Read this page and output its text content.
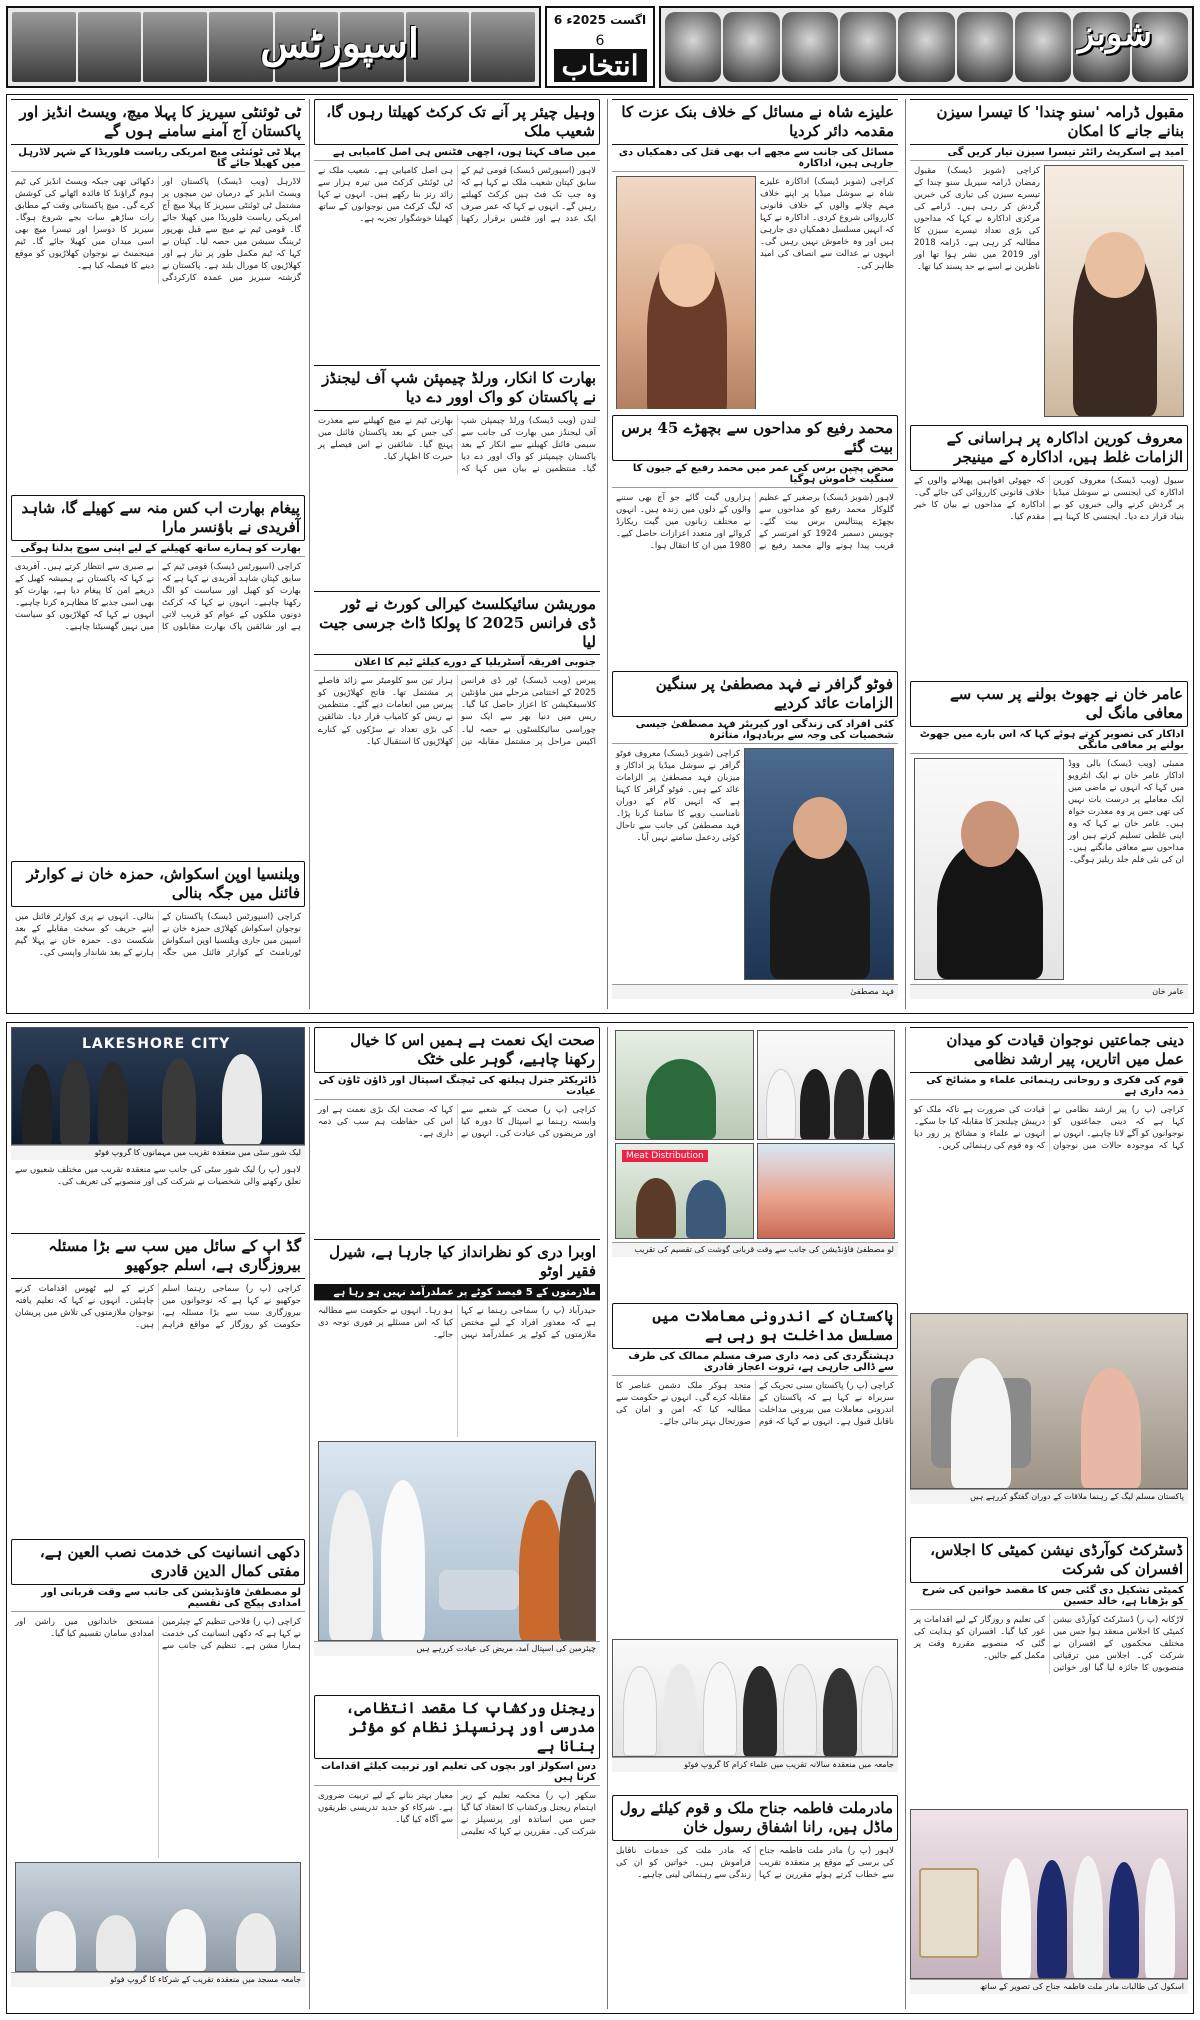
اسپورٹس
6 اگست 2025ء
6
انتخاب
شوبز
ٹی ٹوئنٹی سیریز کا پہلا میچ، ویسٹ انڈیز اور پاکستان آج آمنے سامنے ہوں گے
پہلا ٹی ٹوئنٹی میچ امریکی ریاست فلوریڈا کے شہر لاڈرہل میں کھیلا جائے گا

لاڈرہل (ویب ڈیسک) پاکستان اور ویسٹ انڈیز کے درمیان تین میچوں پر مشتمل ٹی ٹوئنٹی سیریز کا پہلا میچ آج امریکی ریاست فلوریڈا میں کھیلا جائے گا۔ قومی ٹیم نے میچ سے قبل بھرپور ٹریننگ سیشن میں حصہ لیا۔ کپتان نے کہا کہ ٹیم مکمل طور پر تیار ہے اور کھلاڑیوں کا مورال بلند ہے۔ پاکستان نے گزشتہ سیریز میں عمدہ کارکردگی دکھائی تھی جبکہ ویسٹ انڈیز کی ٹیم ہوم گراؤنڈ کا فائدہ اٹھانے کی کوشش کرے گی۔ میچ پاکستانی وقت کے مطابق رات ساڑھے سات بجے شروع ہوگا۔ سیریز کا دوسرا اور تیسرا میچ بھی اسی میدان میں کھیلا جائے گا۔ ٹیم مینجمنٹ نے نوجوان کھلاڑیوں کو موقع دینے کا فیصلہ کیا ہے۔

پیغام بھارت اب کس منہ سے کھیلے گا، شاہد آفریدی نے باؤنسر مارا
بھارت کو ہمارے ساتھ کھیلنے کے لیے اپنی سوچ بدلنا ہوگی

کراچی (اسپورٹس ڈیسک) قومی ٹیم کے سابق کپتان شاہد آفریدی نے کہا ہے کہ بھارت کو کھیل اور سیاست کو الگ رکھنا چاہیے۔ انہوں نے کہا کہ کرکٹ دونوں ملکوں کے عوام کو قریب لاتی ہے اور شائقین پاک بھارت مقابلوں کا بے صبری سے انتظار کرتے ہیں۔ آفریدی نے کہا کہ پاکستان نے ہمیشہ کھیل کے ذریعے امن کا پیغام دیا ہے، بھارت کو بھی اسی جذبے کا مظاہرہ کرنا چاہیے۔ انہوں نے کہا کہ کھلاڑیوں کو سیاست میں نہیں گھسیٹنا چاہیے۔

ویلنسیا اوپن اسکواش، حمزہ خان نے کوارٹر فائنل میں جگہ بنالی

کراچی (اسپورٹس ڈیسک) پاکستان کے نوجوان اسکواش کھلاڑی حمزہ خان نے اسپین میں جاری ویلنسیا اوپن اسکواش ٹورنامنٹ کے کوارٹر فائنل میں جگہ بنالی۔ انہوں نے پری کوارٹر فائنل میں اپنے حریف کو سخت مقابلے کے بعد شکست دی۔ حمزہ خان نے پہلا گیم ہارنے کے بعد شاندار واپسی کی۔

وہیل چیئر پر آنے تک کرکٹ کھیلتا رہوں گا، شعیب ملک
میں صاف کہتا ہوں، اچھی فٹنس ہی اصل کامیابی ہے

لاہور (اسپورٹس ڈیسک) قومی ٹیم کے سابق کپتان شعیب ملک نے کہا ہے کہ وہ جب تک فٹ ہیں کرکٹ کھیلتے رہیں گے۔ انہوں نے کہا کہ عمر صرف ایک عدد ہے اور فٹنس برقرار رکھنا ہی اصل کامیابی ہے۔ شعیب ملک نے ٹی ٹوئنٹی کرکٹ میں تیرہ ہزار سے زائد رنز بنا رکھے ہیں۔ انہوں نے کہا کہ لیگ کرکٹ میں نوجوانوں کے ساتھ کھیلنا خوشگوار تجربہ ہے۔

بھارت کا انکار، ورلڈ چیمپئن شپ آف لیجنڈز نے پاکستان کو واک اوور دے دیا

لندن (ویب ڈیسک) ورلڈ چیمپئن شپ آف لیجنڈز میں بھارت کی جانب سے سیمی فائنل کھیلنے سے انکار کے بعد پاکستان چیمپئنز کو واک اوور دے دیا گیا۔ منتظمین نے بیان میں کہا کہ بھارتی ٹیم نے میچ کھیلنے سے معذرت کی جس کے بعد پاکستان فائنل میں پہنچ گیا۔ شائقین نے اس فیصلے پر حیرت کا اظہار کیا۔

موریشن سائیکلسٹ کیرالی کورٹ نے ٹور ڈی فرانس 2025 کا پولکا ڈاٹ جرسی جیت لیا
جنوبی افریقہ آسٹریلیا کے دورے کیلئے ٹیم کا اعلان

پیرس (ویب ڈیسک) ٹور ڈی فرانس 2025 کے اختتامی مرحلے میں ماؤنٹین کلاسیفکیشن کا اعزاز حاصل کیا گیا۔ ریس میں دنیا بھر سے ایک سو چوراسی سائیکلسٹوں نے حصہ لیا۔ اکیس مراحل پر مشتمل مقابلہ تین ہزار تین سو کلومیٹر سے زائد فاصلے پر مشتمل تھا۔ فاتح کھلاڑیوں کو پیرس میں انعامات دیے گئے۔ منتظمین نے ریس کو کامیاب قرار دیا۔ شائقین کی بڑی تعداد نے سڑکوں کے کنارے کھلاڑیوں کا استقبال کیا۔

علیزے شاہ نے مسائل کے خلاف بنک عزت کا مقدمہ دائر کردیا
مسائل کی جانب سے مجھے اب بھی قتل کی دھمکیاں دی جارہی ہیں، اداکارہ

کراچی (شوبز ڈیسک) اداکارہ علیزے شاہ نے سوشل میڈیا پر اپنے خلاف مہم چلانے والوں کے خلاف قانونی کارروائی شروع کردی۔ اداکارہ نے کہا کہ انہیں مسلسل دھمکیاں دی جارہی ہیں اور وہ خاموش نہیں رہیں گی۔ انہوں نے عدالت سے انصاف کی امید ظاہر کی۔

محمد رفیع کو مداحوں سے بچھڑے 45 برس بیت گئے
محض پچپن برس کی عمر میں محمد رفیع کے جیون کا سنگیت خاموش ہوگیا

لاہور (شوبز ڈیسک) برصغیر کے عظیم گلوکار محمد رفیع کو مداحوں سے بچھڑے پینتالیس برس بیت گئے۔ چوبیس دسمبر 1924 کو امرتسر کے قریب پیدا ہونے والے محمد رفیع نے ہزاروں گیت گائے جو آج بھی سننے والوں کے دلوں میں زندہ ہیں۔ انہوں نے مختلف زبانوں میں گیت ریکارڈ کروائے اور متعدد اعزازات حاصل کیے۔ 1980 میں ان کا انتقال ہوا۔

فوٹو گرافر نے فہد مصطفیٰ پر سنگین الزامات عائد کردیے
کئی افراد کی زندگی اور کیریئر فہد مصطفیٰ جیسی شخصیات کی وجہ سے بربادہوا، متاثرہ

کراچی (شوبز ڈیسک) معروف فوٹو گرافر نے سوشل میڈیا پر اداکار و میزبان فہد مصطفیٰ پر الزامات عائد کیے ہیں۔ فوٹو گرافر کا کہنا ہے کہ انہیں کام کے دوران نامناسب رویے کا سامنا کرنا پڑا۔ فہد مصطفیٰ کی جانب سے تاحال کوئی ردعمل سامنے نہیں آیا۔

فہد مصطفیٰ
مقبول ڈرامہ 'سنو چندا' کا تیسرا سیزن بنانے جانے کا امکان
امید ہے اسکرپٹ رائٹر تیسرا سیزن تیار کریں گی

کراچی (شوبز ڈیسک) مقبول رمضان ڈرامہ سیریل سنو چندا کے تیسرے سیزن کی تیاری کی خبریں گردش کر رہی ہیں۔ ڈرامے کی مرکزی اداکارہ نے کہا کہ مداحوں کی بڑی تعداد تیسرے سیزن کا مطالبہ کر رہی ہے۔ ڈرامہ 2018 اور 2019 میں نشر ہوا تھا اور ناظرین نے اسے بے حد پسند کیا تھا۔

معروف کورین اداکارہ پر ہراسانی کے الزامات غلط ہیں، اداکارہ کے مینیجر

سیول (ویب ڈیسک) معروف کورین اداکارہ کی ایجنسی نے سوشل میڈیا پر گردش کرنے والی خبروں کو بے بنیاد قرار دے دیا۔ ایجنسی کا کہنا ہے کہ جھوٹی افواہیں پھیلانے والوں کے خلاف قانونی کارروائی کی جائے گی۔ اداکارہ کے مداحوں نے بیان کا خیر مقدم کیا۔

عامر خان نے جھوٹ بولنے پر سب سے معافی مانگ لی
اداکار کی تصویر کرتے ہوئے کہا کہ اس بارے میں جھوٹ بولنے پر معافی مانگی

ممبئی (ویب ڈیسک) بالی ووڈ اداکار عامر خان نے ایک انٹرویو میں کہا کہ انہوں نے ماضی میں ایک معاملے پر درست بات نہیں کی تھی جس پر وہ معذرت خواہ ہیں۔ عامر خان نے کہا کہ وہ اپنی غلطی تسلیم کرتے ہیں اور مداحوں سے معافی مانگتے ہیں۔ ان کی نئی فلم جلد ریلیز ہوگی۔

عامر خان
LAKESHORE CITY
لیک شور سٹی میں منعقدہ تقریب میں مہمانوں کا گروپ فوٹو

لاہور (پ ر) لیک شور سٹی کی جانب سے منعقدہ تقریب میں مختلف شعبوں سے تعلق رکھنے والی شخصیات نے شرکت کی اور منصوبے کی تعریف کی۔

گڈ اپ کے سائل میں سب سے بڑا مسئلہ بیروزگاری ہے، اسلم جوکھیو

کراچی (پ ر) سماجی رہنما اسلم جوکھیو نے کہا ہے کہ نوجوانوں میں بیروزگاری سب سے بڑا مسئلہ ہے، حکومت کو روزگار کے مواقع فراہم کرنے کے لیے ٹھوس اقدامات کرنے چاہئیں۔ انہوں نے کہا کہ تعلیم یافتہ نوجوان ملازمتوں کی تلاش میں پریشان ہیں۔

دکھی انسانیت کی خدمت نصب العین ہے، مفتی کمال الدین قادری
لو مصطفیٰ فاؤنڈیشن کی جانب سے وقت قربانی اور امدادی پیکج کی تقسیم

کراچی (پ ر) فلاحی تنظیم کے چیئرمین نے کہا ہے کہ دکھی انسانیت کی خدمت ہمارا مشن ہے۔ تنظیم کی جانب سے مستحق خاندانوں میں راشن اور امدادی سامان تقسیم کیا گیا۔

جامعہ مسجد میں منعقدہ تقریب کے شرکاء کا گروپ فوٹو
صحت ایک نعمت ہے ہمیں اس کا خیال رکھنا چاہیے، گوہر علی خٹک
ڈائریکٹر جنرل ہیلتھ کی ٹیچنگ اسپتال اور ڈاؤن ٹاؤن کی عیادت

کراچی (پ ر) صحت کے شعبے سے وابستہ رہنما نے اسپتال کا دورہ کیا اور مریضوں کی عیادت کی۔ انہوں نے کہا کہ صحت ایک بڑی نعمت ہے اور اس کی حفاظت ہم سب کی ذمہ داری ہے۔

اوبرا دری کو نظرانداز کیا جارہا ہے، شیرل فقیر اوٹو
ملازمتوں کے 5 فیصد کوٹے پر عملدرآمد نہیں ہو رہا ہے

حیدرآباد (پ ر) سماجی رہنما نے کہا ہے کہ معذور افراد کے لیے مختص ملازمتوں کے کوٹے پر عملدرآمد نہیں ہو رہا۔ انہوں نے حکومت سے مطالبہ کیا کہ اس مسئلے پر فوری توجہ دی جائے۔

چیئرمین کی اسپتال آمد، مریض کی عیادت کررہے ہیں
ریجنل ورکشاپ کا مقصد انتظامی، مدرسی اور پرنسپلز نظام کو مؤثر بنانا ہے
دس اسکولز اور بچوں کی تعلیم اور تربیت کیلئے اقدامات کرنا ہیں

سکھر (پ ر) محکمہ تعلیم کے زیر اہتمام ریجنل ورکشاپ کا انعقاد کیا گیا جس میں اساتذہ اور پرنسپلز نے شرکت کی۔ مقررین نے کہا کہ تعلیمی معیار بہتر بنانے کے لیے تربیت ضروری ہے۔ شرکاء کو جدید تدریسی طریقوں سے آگاہ کیا گیا۔

Meat Distribution
لو مصطفیٰ فاؤنڈیشن کی جانب سے وقت قربانی گوشت کی تقسیم کی تقریب
پاکستان کے اندرونی معاملات میں مسلسل مداخلت ہو رہی ہے
دہشتگردی کی ذمہ داری صرف مسلم ممالک کی طرف سے ڈالی جارہی ہے، ثروت اعجاز قادری

کراچی (پ ر) پاکستان سنی تحریک کے سربراہ نے کہا ہے کہ پاکستان کے اندرونی معاملات میں بیرونی مداخلت ناقابل قبول ہے۔ انہوں نے کہا کہ قوم متحد ہوکر ملک دشمن عناصر کا مقابلہ کرے گی۔ انہوں نے حکومت سے مطالبہ کیا کہ امن و امان کی صورتحال بہتر بنائی جائے۔

جامعہ میں منعقدہ سالانہ تقریب میں علماء کرام کا گروپ فوٹو
مادرملت فاطمہ جناح ملک و قوم کیلئے رول ماڈل ہیں، رانا اشفاق رسول خان

لاہور (پ ر) مادر ملت فاطمہ جناح کی برسی کے موقع پر منعقدہ تقریب سے خطاب کرتے ہوئے مقررین نے کہا کہ مادر ملت کی خدمات ناقابل فراموش ہیں۔ خواتین کو ان کی زندگی سے رہنمائی لینی چاہیے۔

دینی جماعتیں نوجوان قیادت کو میدان عمل میں اتاریں، پیر ارشد نظامی
قوم کی فکری و روحانی رہنمائی علماء و مشائخ کی ذمہ داری ہے

کراچی (پ ر) پیر ارشد نظامی نے کہا ہے کہ دینی جماعتوں کو نوجوانوں کو آگے لانا چاہیے۔ انہوں نے کہا کہ موجودہ حالات میں نوجوان قیادت کی ضرورت ہے تاکہ ملک کو درپیش چیلنجز کا مقابلہ کیا جا سکے۔ انہوں نے علماء و مشائخ پر زور دیا کہ وہ قوم کی رہنمائی کریں۔

پاکستان مسلم لیگ کے رہنما ملاقات کے دوران گفتگو کررہے ہیں
ڈسٹرکٹ کوآرڈی نیشن کمیٹی کا اجلاس، افسران کی شرکت
کمیٹی تشکیل دی گئی جس کا مقصد خواتین کی شرح کو بڑھانا ہے، خالد حسین

لاڑکانہ (پ ر) ڈسٹرکٹ کوآرڈی نیشن کمیٹی کا اجلاس منعقد ہوا جس میں مختلف محکموں کے افسران نے شرکت کی۔ اجلاس میں ترقیاتی منصوبوں کا جائزہ لیا گیا اور خواتین کی تعلیم و روزگار کے لیے اقدامات پر غور کیا گیا۔ افسران کو ہدایت کی گئی کہ منصوبے مقررہ وقت پر مکمل کیے جائیں۔

اسکول کی طالبات مادر ملت فاطمہ جناح کی تصویر کے ساتھ
